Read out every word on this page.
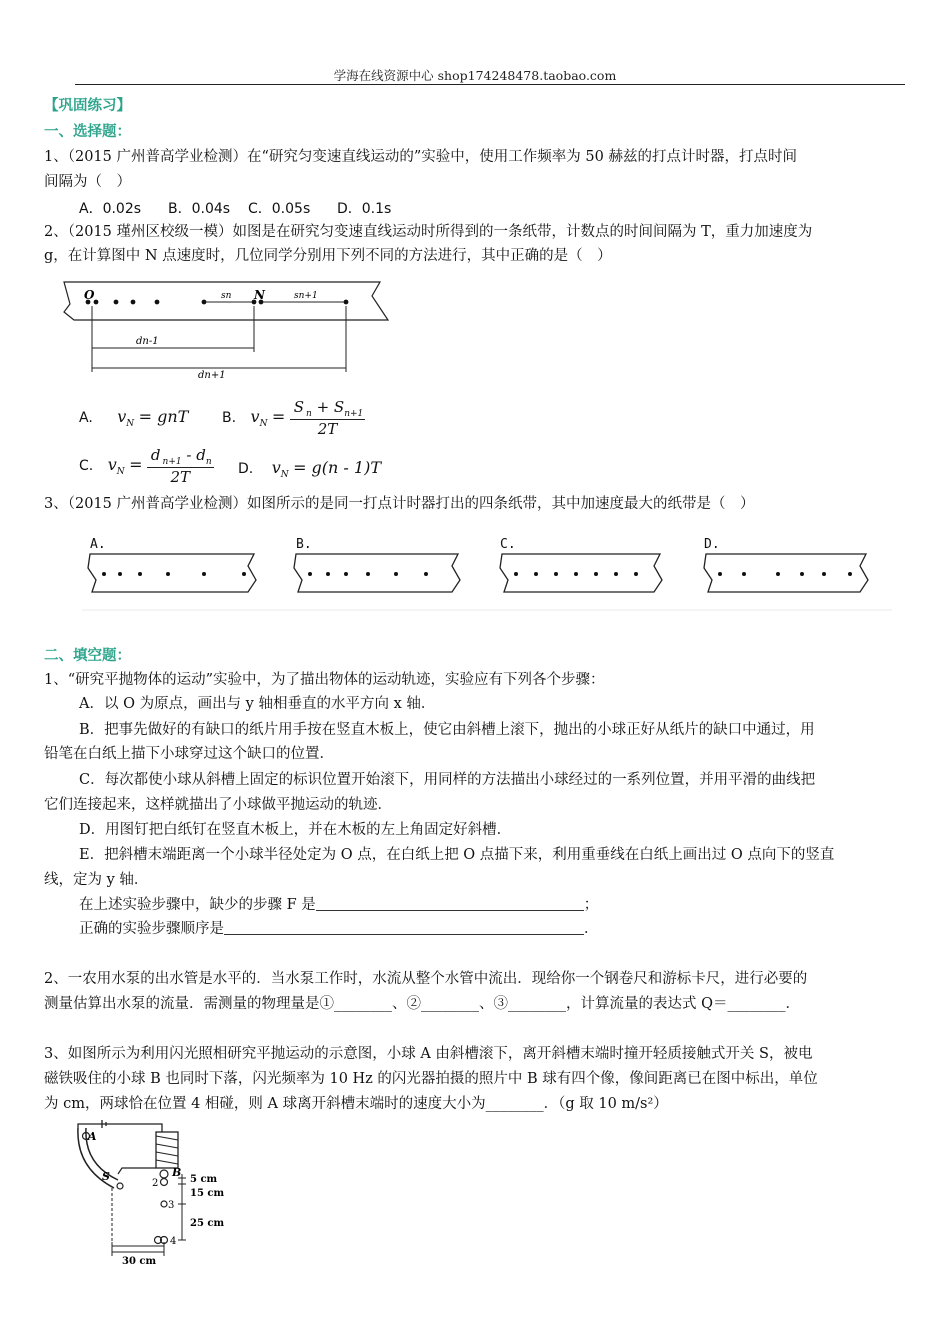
学海在线资源中心 shop174248478.taobao.com
【巩固练习】
一、选择题：
1、（2015 广州普高学业检测）在“研究匀变速直线运动的”实验中，使用工作频率为 50 赫兹的打点计时器，打点时间
间隔为（　）
A．0.02s B．0.04s C．0.05s D．0.1s
2、（2015 瑾州区校级一模）如图是在研究匀变速直线运动时所得到的一条纸带，计数点的时间间隔为 T，重力加速度为
g，在计算图中 N 点速度时，几位同学分别用下列不同的方法进行，其中正确的是（　）
O	N
sn	sn+1
dn-1
dn+1
A. $v_N$ = gnT B. $v_N = \frac{S _n + S_{n+1}}{2T}$
C. $v_N = \frac{d _{n+1} - d_n}{2T} D$. $v_N = g(n - 1)T$
3、（2015 广州普高学业检测）如图所示的是同一打点计时器打出的四条纸带，其中加速度最大的纸带是（　）
A.	B.	C.	D.
二、填空题：
1、“研究平抛物体的运动”实验中，为了描出物体的运动轨迹，实验应有下列各个步骤：
A．以 O 为原点，画出与 y 轴相垂直的水平方向 x 轴．
B．把事先做好的有缺口的纸片用手按在竖直木板上，使它由斜槽上滚下，抛出的小球正好从纸片的缺口中通过，用
铅笔在白纸上描下小球穿过这个缺口的位置．
C．每次都使小球从斜槽上固定的标识位置开始滚下，用同样的方法描出小球经过的一系列位置，并用平滑的曲线把
它们连接起来，这样就描出了小球做平抛运动的轨迹．
D．用图钉把白纸钉在竖直木板上，并在木板的左上角固定好斜槽．
E．把斜槽末端距离一个小球半径处定为 O 点，在白纸上把 O 点描下来，利用重垂线在白纸上画出过 O 点向下的竖直
线，定为 y 轴．
在上述实验步骤中，缺少的步骤 F 是	；
正确的实验步骤顺序是	．
2、一农用水泵的出水管是水平的．当水泵工作时，水流从整个水管中流出．现给你一个钢卷尺和游标卡尺，进行必要的
测量估算出水泵的流量．需测量的物理量是①________、②________、③________，计算流量的表达式 Q＝________．
3、如图所示为利用闪光照相研究平抛运动的示意图，小球 A 由斜槽滚下，离开斜槽末端时撞开轻质接触式开关 S，被电
磁铁吸住的小球 B 也同时下落，闪光频率为 10 Hz 的闪光器拍摄的照片中 B 球有四个像，像间距离已在图中标出，单位
为 cm，两球恰在位置 4 相碰，则 A 球离开斜槽末端时的速度大小为________．（g 取 10 m/s²）
A
S	B
2
3
4
5 cm
15 cm
25 cm
30 cm
